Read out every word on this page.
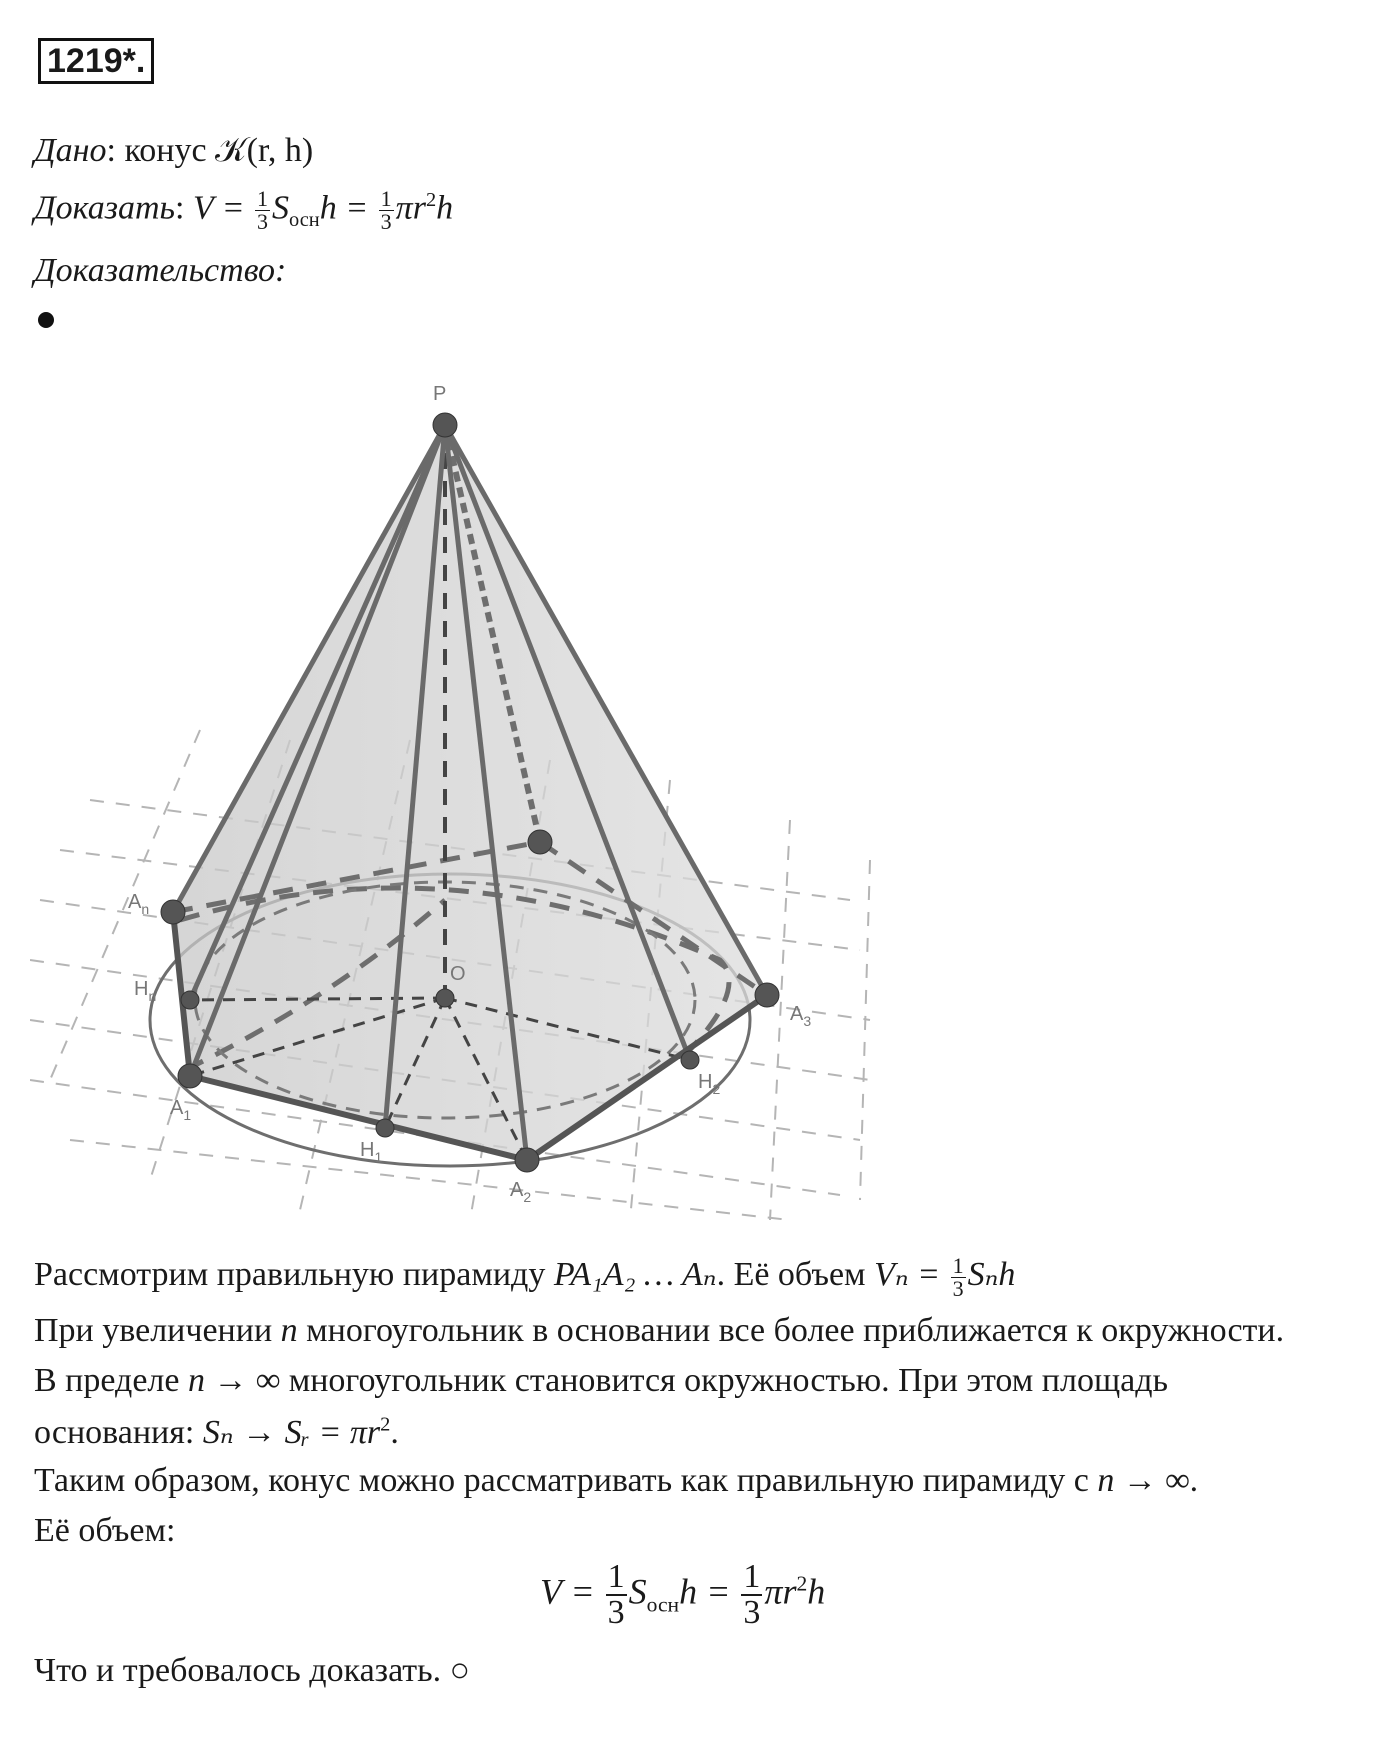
1219*.
Дано: конус 𝒦(r, h)
Доказать: $V = \frac{1}{3} S_{осн}h = \frac{1}{3} \pi r^2h$
Доказательство:
P
O
$A_n$
$H_n$
$A_1$
$H_1$
$A_2$
$H_2$
$A_3$
Рассмотрим правильную пирамиду PA₁A₂ … Aₙ. Её объем $V_n = \frac{1}{3}$ Sₙh
При увеличении n многоугольник в основании все более приближается к окружности.
В пределе n → ∞ многоугольник становится окружностью. При этом площадь
основания: Sₙ → Sᵣ = $\pi r^2$.
Таким образом, конус можно рассматривать как правильную пирамиду с n → ∞.
Её объем:
$V = \frac{1}{3} S_{осн}h = \frac{1}{3} \pi r^2h$
Что и требовалось доказать. ○
